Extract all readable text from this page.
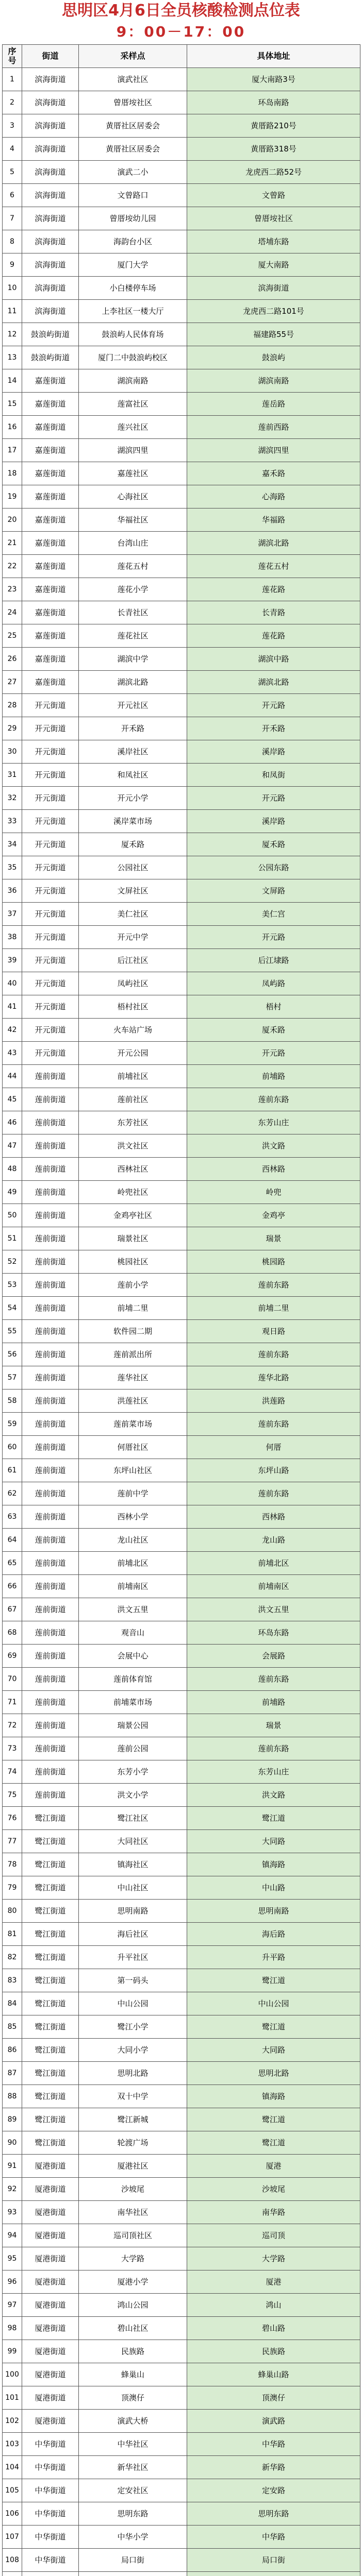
思明区4月6日全员核酸检测点位表
9：00－17：00
序号	街道	采样点	具体地址
1	滨海街道	演武社区	厦大南路3号
2	滨海街道	曾厝垵社区	环岛南路
3	滨海街道	黄厝社区居委会	黄厝路210号
4	滨海街道	黄厝社区居委会	黄厝路318号
5	滨海街道	演武二小	龙虎西二路52号
6	滨海街道	文曾路口	文曾路
7	滨海街道	曾厝垵幼儿园	曾厝垵社区
8	滨海街道	海韵台小区	塔埔东路
9	滨海街道	厦门大学	厦大南路
10	滨海街道	小白楼停车场	滨海街道
11	滨海街道	上李社区一楼大厅	龙虎西二路101号
12	鼓浪屿街道	鼓浪屿人民体育场	福建路55号
13	鼓浪屿街道	厦门二中鼓浪屿校区	鼓浪屿
14	嘉莲街道	湖滨南路	湖滨南路
15	嘉莲街道	莲富社区	莲岳路
16	嘉莲街道	莲兴社区	莲前西路
17	嘉莲街道	湖滨四里	湖滨四里
18	嘉莲街道	嘉莲社区	嘉禾路
19	嘉莲街道	心海社区	心海路
20	嘉莲街道	华福社区	华福路
21	嘉莲街道	台湾山庄	湖滨北路
22	嘉莲街道	莲花五村	莲花五村
23	嘉莲街道	莲花小学	莲花路
24	嘉莲街道	长青社区	长青路
25	嘉莲街道	莲花社区	莲花路
26	嘉莲街道	湖滨中学	湖滨中路
27	嘉莲街道	湖滨北路	湖滨北路
28	开元街道	开元社区	开元路
29	开元街道	开禾路	开禾路
30	开元街道	溪岸社区	溪岸路
31	开元街道	和凤社区	和凤街
32	开元街道	开元小学	开元路
33	开元街道	溪岸菜市场	溪岸路
34	开元街道	厦禾路	厦禾路
35	开元街道	公园社区	公园东路
36	开元街道	文屏社区	文屏路
37	开元街道	美仁社区	美仁宫
38	开元街道	开元中学	开元路
39	开元街道	后江社区	后江埭路
40	开元街道	凤屿社区	凤屿路
41	开元街道	梧村社区	梧村
42	开元街道	火车站广场	厦禾路
43	开元街道	开元公园	开元路
44	莲前街道	前埔社区	前埔路
45	莲前街道	莲前社区	莲前东路
46	莲前街道	东芳社区	东芳山庄
47	莲前街道	洪文社区	洪文路
48	莲前街道	西林社区	西林路
49	莲前街道	岭兜社区	岭兜
50	莲前街道	金鸡亭社区	金鸡亭
51	莲前街道	瑞景社区	瑞景
52	莲前街道	桃园社区	桃园路
53	莲前街道	莲前小学	莲前东路
54	莲前街道	前埔二里	前埔二里
55	莲前街道	软件园二期	观日路
56	莲前街道	莲前派出所	莲前东路
57	莲前街道	莲华社区	莲华北路
58	莲前街道	洪莲社区	洪莲路
59	莲前街道	莲前菜市场	莲前东路
60	莲前街道	何厝社区	何厝
61	莲前街道	东坪山社区	东坪山路
62	莲前街道	莲前中学	莲前东路
63	莲前街道	西林小学	西林路
64	莲前街道	龙山社区	龙山路
65	莲前街道	前埔北区	前埔北区
66	莲前街道	前埔南区	前埔南区
67	莲前街道	洪文五里	洪文五里
68	莲前街道	观音山	环岛东路
69	莲前街道	会展中心	会展路
70	莲前街道	莲前体育馆	莲前东路
71	莲前街道	前埔菜市场	前埔路
72	莲前街道	瑞景公园	瑞景
73	莲前街道	莲前公园	莲前东路
74	莲前街道	东芳小学	东芳山庄
75	莲前街道	洪文小学	洪文路
76	鹭江街道	鹭江社区	鹭江道
77	鹭江街道	大同社区	大同路
78	鹭江街道	镇海社区	镇海路
79	鹭江街道	中山社区	中山路
80	鹭江街道	思明南路	思明南路
81	鹭江街道	海后社区	海后路
82	鹭江街道	升平社区	升平路
83	鹭江街道	第一码头	鹭江道
84	鹭江街道	中山公园	中山公园
85	鹭江街道	鹭江小学	鹭江道
86	鹭江街道	大同小学	大同路
87	鹭江街道	思明北路	思明北路
88	鹭江街道	双十中学	镇海路
89	鹭江街道	鹭江新城	鹭江道
90	鹭江街道	轮渡广场	鹭江道
91	厦港街道	厦港社区	厦港
92	厦港街道	沙坡尾	沙坡尾
93	厦港街道	南华社区	南华路
94	厦港街道	巡司顶社区	巡司顶
95	厦港街道	大学路	大学路
96	厦港街道	厦港小学	厦港
97	厦港街道	鸿山公园	鸿山
98	厦港街道	碧山社区	碧山路
99	厦港街道	民族路	民族路
100	厦港街道	蜂巢山	蜂巢山路
101	厦港街道	顶澳仔	顶澳仔
102	厦港街道	演武大桥	演武路
103	中华街道	中华社区	中华路
104	中华街道	新华社区	新华路
105	中华街道	定安社区	定安路
106	中华街道	思明东路	思明东路
107	中华街道	中华小学	中华路
108	中华街道	局口街	局口街
